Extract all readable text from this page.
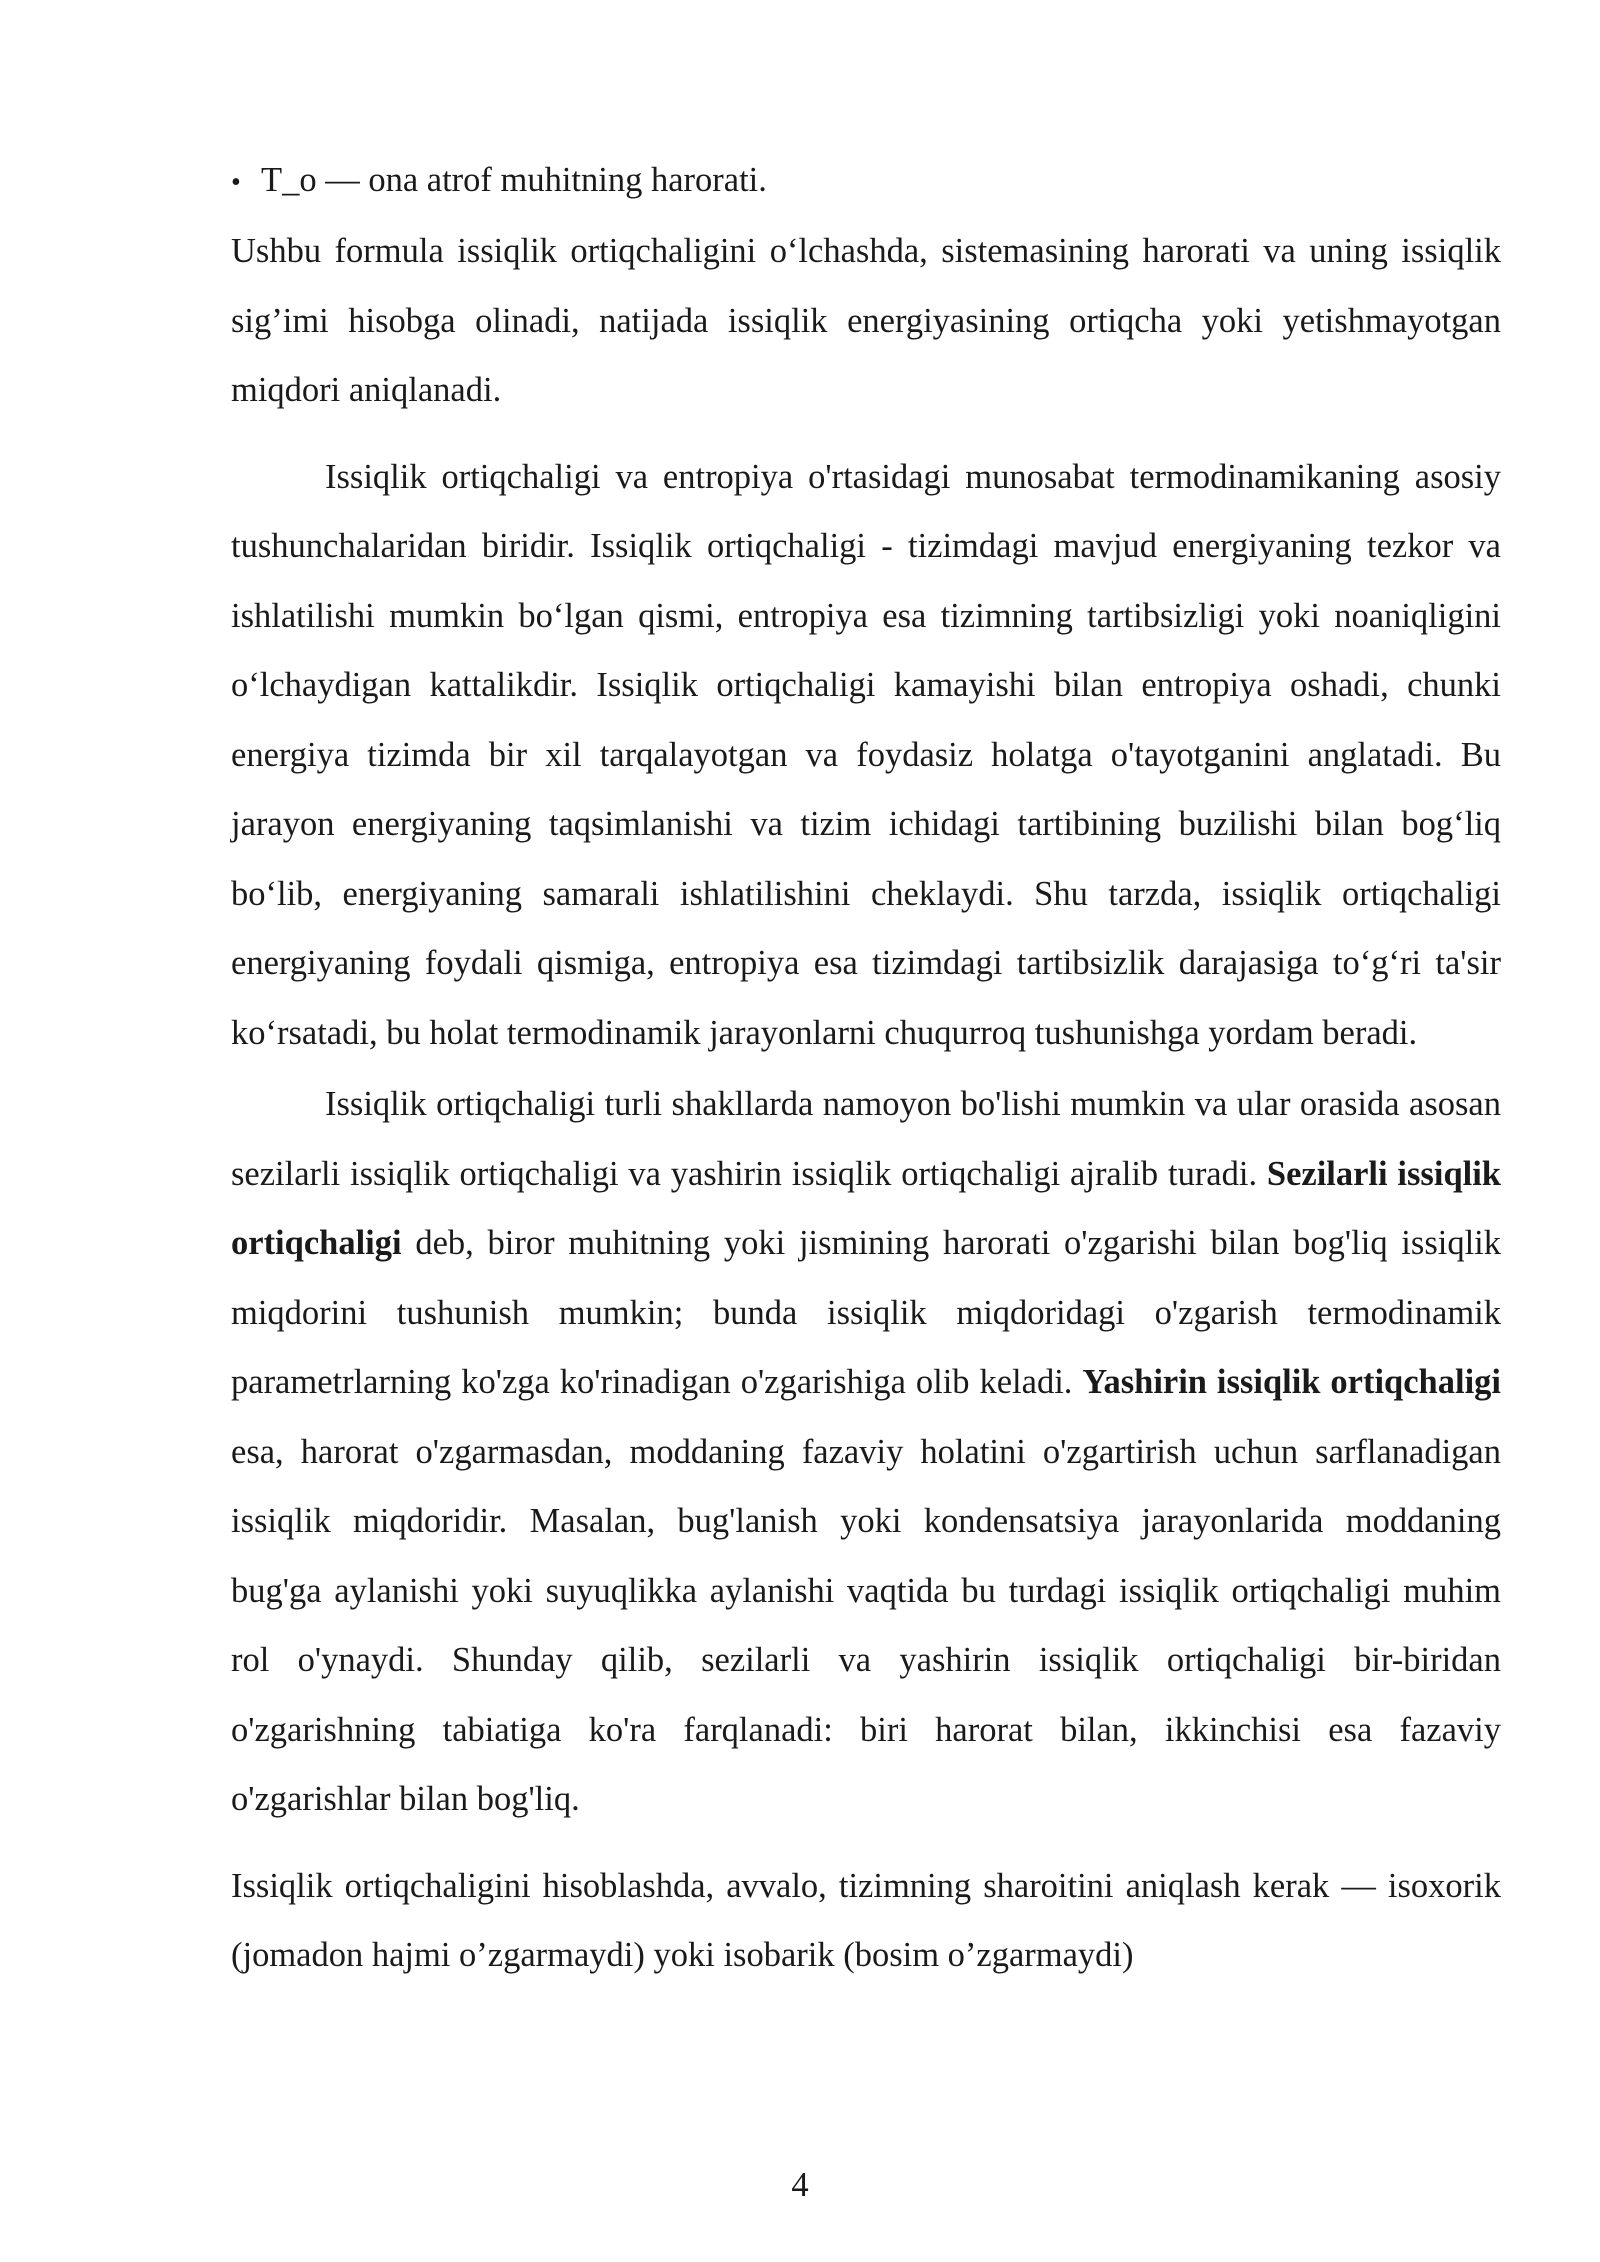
• T_o — ona atrof muhitning harorati.

Ushbu formula issiqlik ortiqchaligini o‘lchashda, sistemasining harorati va uning issiqlik sig’imi hisobga olinadi, natijada issiqlik energiyasining ortiqcha yoki yetishmayotgan miqdori aniqlanadi.

Issiqlik ortiqchaligi va entropiya o'rtasidagi munosabat termodinamikaning asosiy tushunchalaridan biridir. Issiqlik ortiqchaligi - tizimdagi mavjud energiyaning tezkor va ishlatilishi mumkin bo‘lgan qismi, entropiya esa tizimning tartibsizligi yoki noaniqligini o‘lchaydigan kattalikdir. Issiqlik ortiqchaligi kamayishi bilan entropiya oshadi, chunki energiya tizimda bir xil tarqalayotgan va foydasiz holatga o'tayotganini anglatadi. Bu jarayon energiyaning taqsimlanishi va tizim ichidagi tartibining buzilishi bilan bog‘liq bo‘lib, energiyaning samarali ishlatilishini cheklaydi. Shu tarzda, issiqlik ortiqchaligi energiyaning foydali qismiga, entropiya esa tizimdagi tartibsizlik darajasiga to‘g‘ri ta'sir ko‘rsatadi, bu holat termodinamik jarayonlarni chuqurroq tushunishga yordam beradi.

Issiqlik ortiqchaligi turli shakllarda namoyon bo'lishi mumkin va ular orasida asosan sezilarli issiqlik ortiqchaligi va yashirin issiqlik ortiqchaligi ajralib turadi. Sezilarli issiqlik ortiqchaligi deb, biror muhitning yoki jismining harorati o'zgarishi bilan bog'liq issiqlik miqdorini tushunish mumkin; bunda issiqlik miqdoridagi o'zgarish termodinamik parametrlarning ko'zga ko'rinadigan o'zgarishiga olib keladi. Yashirin issiqlik ortiqchaligi esa, harorat o'zgarmasdan, moddaning fazaviy holatini o'zgartirish uchun sarflanadigan issiqlik miqdoridir. Masalan, bug'lanish yoki kondensatsiya jarayonlarida moddaning bug'ga aylanishi yoki suyuqlikka aylanishi vaqtida bu turdagi issiqlik ortiqchaligi muhim rol o'ynaydi. Shunday qilib, sezilarli va yashirin issiqlik ortiqchaligi bir-biridan o'zgarishning tabiatiga ko'ra farqlanadi: biri harorat bilan, ikkinchisi esa fazaviy o'zgarishlar bilan bog'liq.

Issiqlik ortiqchaligini hisoblashda, avvalo, tizimning sharoitini aniqlash kerak — isoxorik (jomadon hajmi o’zgarmaydi) yoki isobarik (bosim o’zgarmaydi)

4
